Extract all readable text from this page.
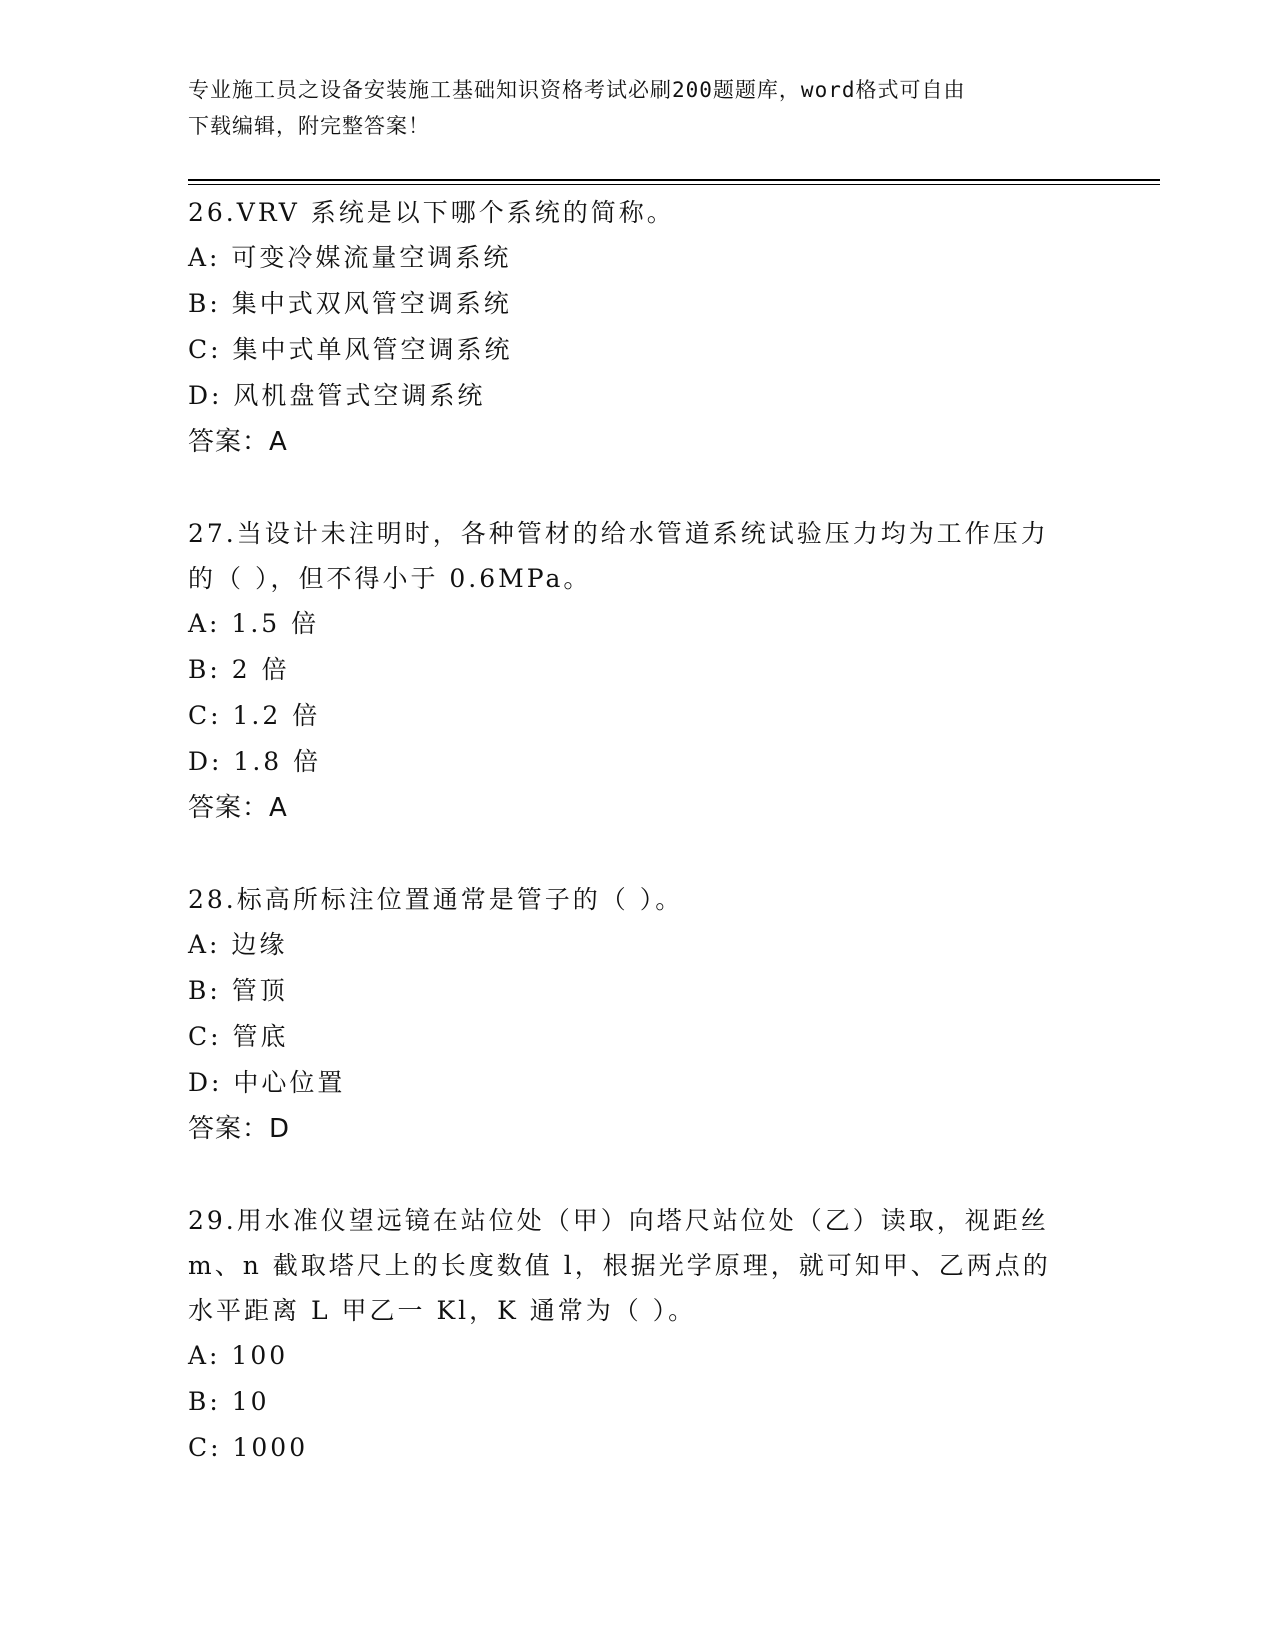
专业施工员之设备安装施工基础知识资格考试必刷200题题库，word格式可自由
下载编辑，附完整答案！
26.VRV 系统是以下哪个系统的简称。
A: 可变冷媒流量空调系统
B: 集中式双风管空调系统
C: 集中式单风管空调系统
D: 风机盘管式空调系统
答案：A
27.当设计未注明时，各种管材的给水管道系统试验压力均为工作压力
的（ ），但不得小于 0.6MPa。
A: 1.5 倍
B: 2 倍
C: 1.2 倍
D: 1.8 倍
答案：A
28.标高所标注位置通常是管子的（ ）。
A: 边缘
B: 管顶
C: 管底
D: 中心位置
答案：D
29.用水准仪望远镜在站位处（甲）向塔尺站位处（乙）读取，视距丝
m、n 截取塔尺上的长度数值 l，根据光学原理，就可知甲、乙两点的
水平距离 L 甲乙一 Kl，K 通常为（ ）。
A: 100
B: 10
C: 1000
